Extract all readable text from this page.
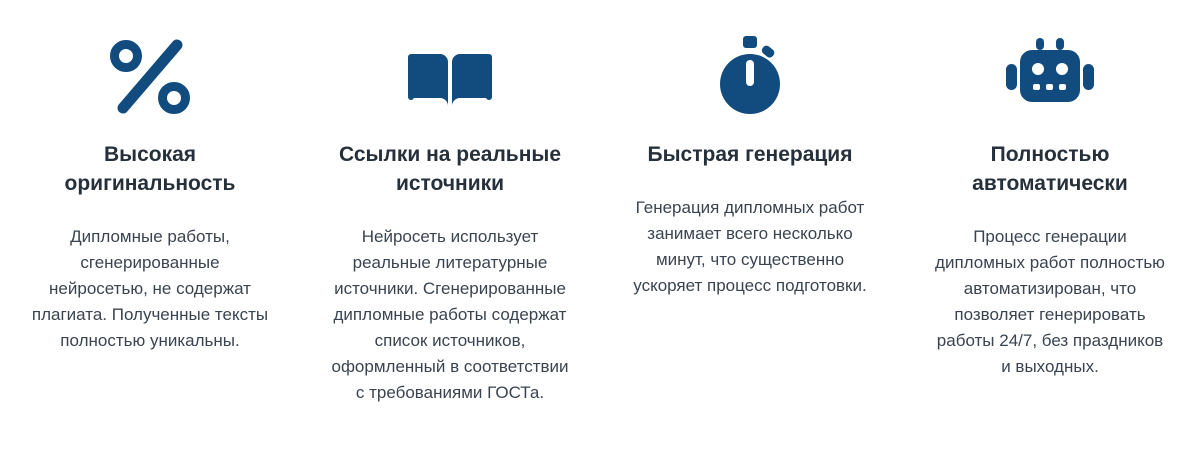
Высокая оригинальность
Дипломные работы, сгенерированные нейросетью, не содержат плагиата. Полученные тексты полностью уникальны.
Ссылки на реальные источники
Нейросеть использует реальные литературные источники. Сгенерированные дипломные работы содержат список источников, оформленный в соответствии с требованиями ГОСТа.
Быстрая генерация
Генерация дипломных работ занимает всего несколько минут, что существенно ускоряет процесс подготовки.
Полностью автоматически
Процесс генерации дипломных работ полностью автоматизирован, что позволяет генерировать работы 24/7, без праздников и выходных.
